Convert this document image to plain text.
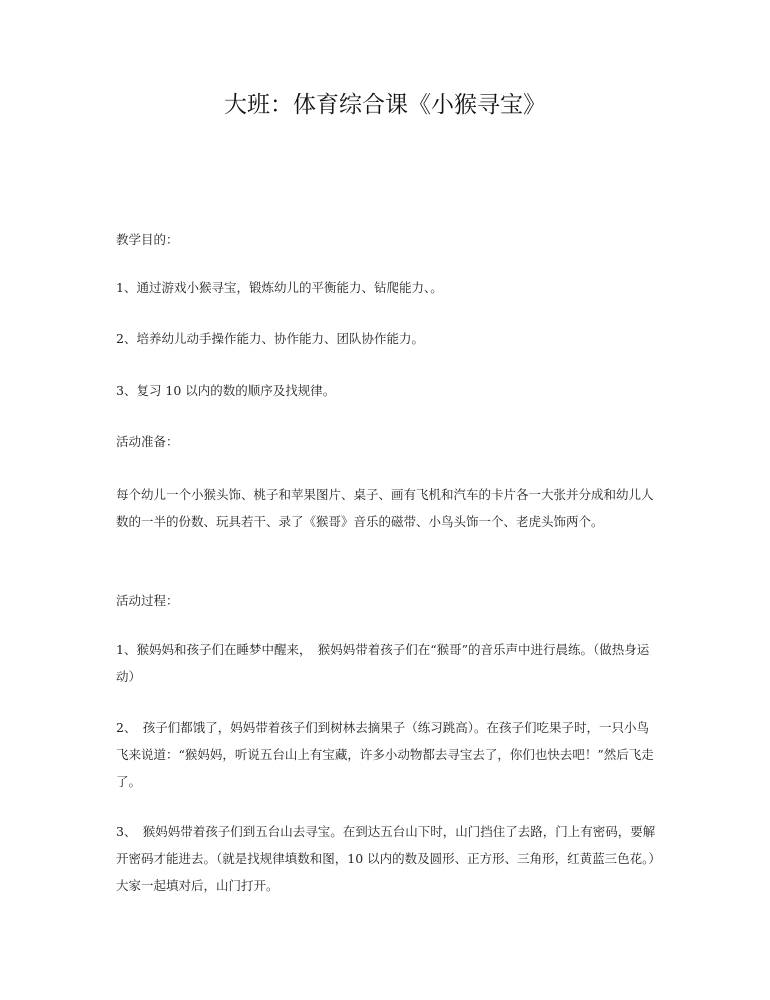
大班：体育综合课《小猴寻宝》

教学目的：

1、通过游戏小猴寻宝，锻炼幼儿的平衡能力、钻爬能力、。

2、培养幼儿动手操作能力、协作能力、团队协作能力。

3、复习 10 以内的数的顺序及找规律。

活动准备：

每个幼儿一个小猴头饰、桃子和苹果图片、桌子、画有飞机和汽车的卡片各一大张并分成和幼儿人数的一半的份数、玩具若干、录了《猴哥》音乐的磁带、小鸟头饰一个、老虎头饰两个。

活动过程：

1、猴妈妈和孩子们在睡梦中醒来，　猴妈妈带着孩子们在“猴哥”的音乐声中进行晨练。（做热身运动）

2、　孩子们都饿了，妈妈带着孩子们到树林去摘果子（练习跳高）。在孩子们吃果子时，一只小鸟飞来说道：“猴妈妈，听说五台山上有宝藏，许多小动物都去寻宝去了，你们也快去吧！”然后飞走了。

3、　猴妈妈带着孩子们到五台山去寻宝。在到达五台山下时，山门挡住了去路，门上有密码，要解开密码才能进去。（就是找规律填数和图，10 以内的数及圆形、正方形、三角形，红黄蓝三色花。）大家一起填对后，山门打开。
